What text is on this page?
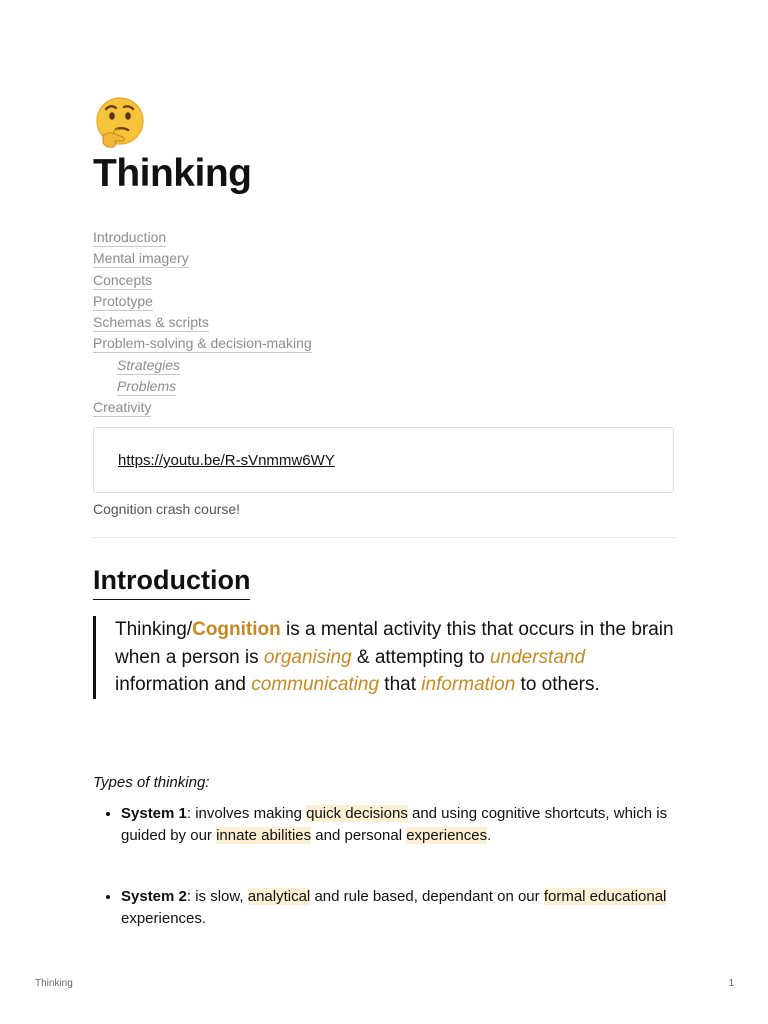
Thinking
Introduction
Mental imagery
Concepts
Prototype
Schemas & scripts
Problem-solving & decision-making
Strategies
Problems
Creativity
https://youtu.be/R-sVnmmw6WY
Cognition crash course!
Introduction
Thinking/Cognition is a mental activity this that occurs in the brain when a person is organising & attempting to understand information and communicating that information to others.
Types of thinking:
• System 1: involves making quick decisions and using cognitive shortcuts, which is guided by our innate abilities and personal experiences.
• System 2: is slow, analytical and rule based, dependant on our formal educational experiences.
Thinking	1
